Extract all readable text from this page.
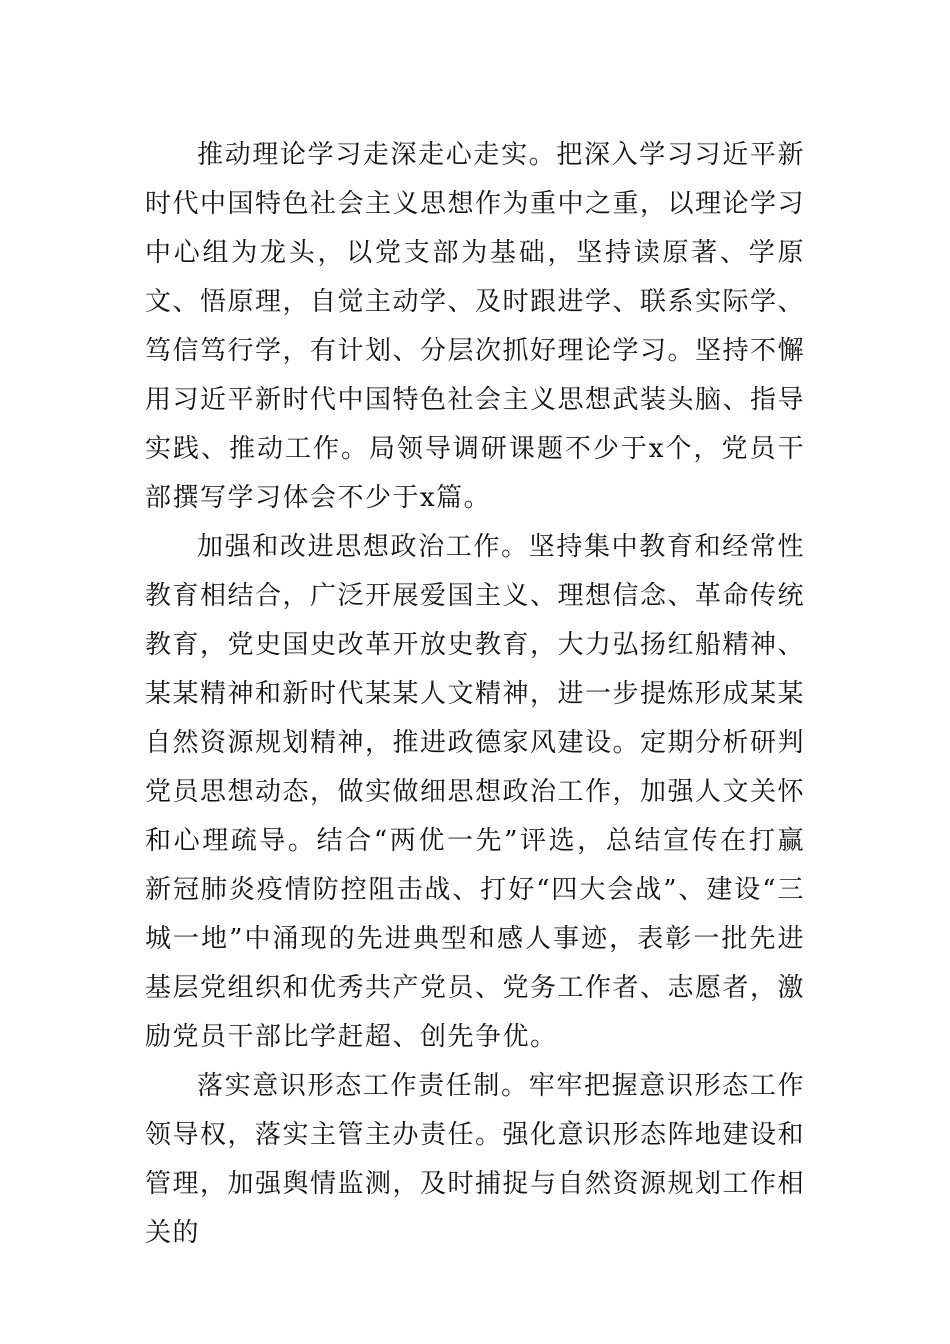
推动理论学习走深走心走实。把深入学习习近平新时代中国特色社会主义思想作为重中之重，以理论学习中心组为龙头，以党支部为基础，坚持读原著、学原文、悟原理，自觉主动学、及时跟进学、联系实际学、笃信笃行学，有计划、分层次抓好理论学习。坚持不懈用习近平新时代中国特色社会主义思想武装头脑、指导实践、推动工作。局领导调研课题不少于x个，党员干部撰写学习体会不少于x篇。

加强和改进思想政治工作。坚持集中教育和经常性教育相结合，广泛开展爱国主义、理想信念、革命传统教育，党史国史改革开放史教育，大力弘扬红船精神、某某精神和新时代某某人文精神，进一步提炼形成某某自然资源规划精神，推进政德家风建设。定期分析研判党员思想动态，做实做细思想政治工作，加强人文关怀和心理疏导。结合“两优一先”评选，总结宣传在打赢新冠肺炎疫情防控阻击战、打好“四大会战”、建设“三城一地”中涌现的先进典型和感人事迹，表彰一批先进基层党组织和优秀共产党员、党务工作者、志愿者，激励党员干部比学赶超、创先争优。

落实意识形态工作责任制。牢牢把握意识形态工作领导权，落实主管主办责任。强化意识形态阵地建设和管理，加强舆情监测，及时捕捉与自然资源规划工作相关的
